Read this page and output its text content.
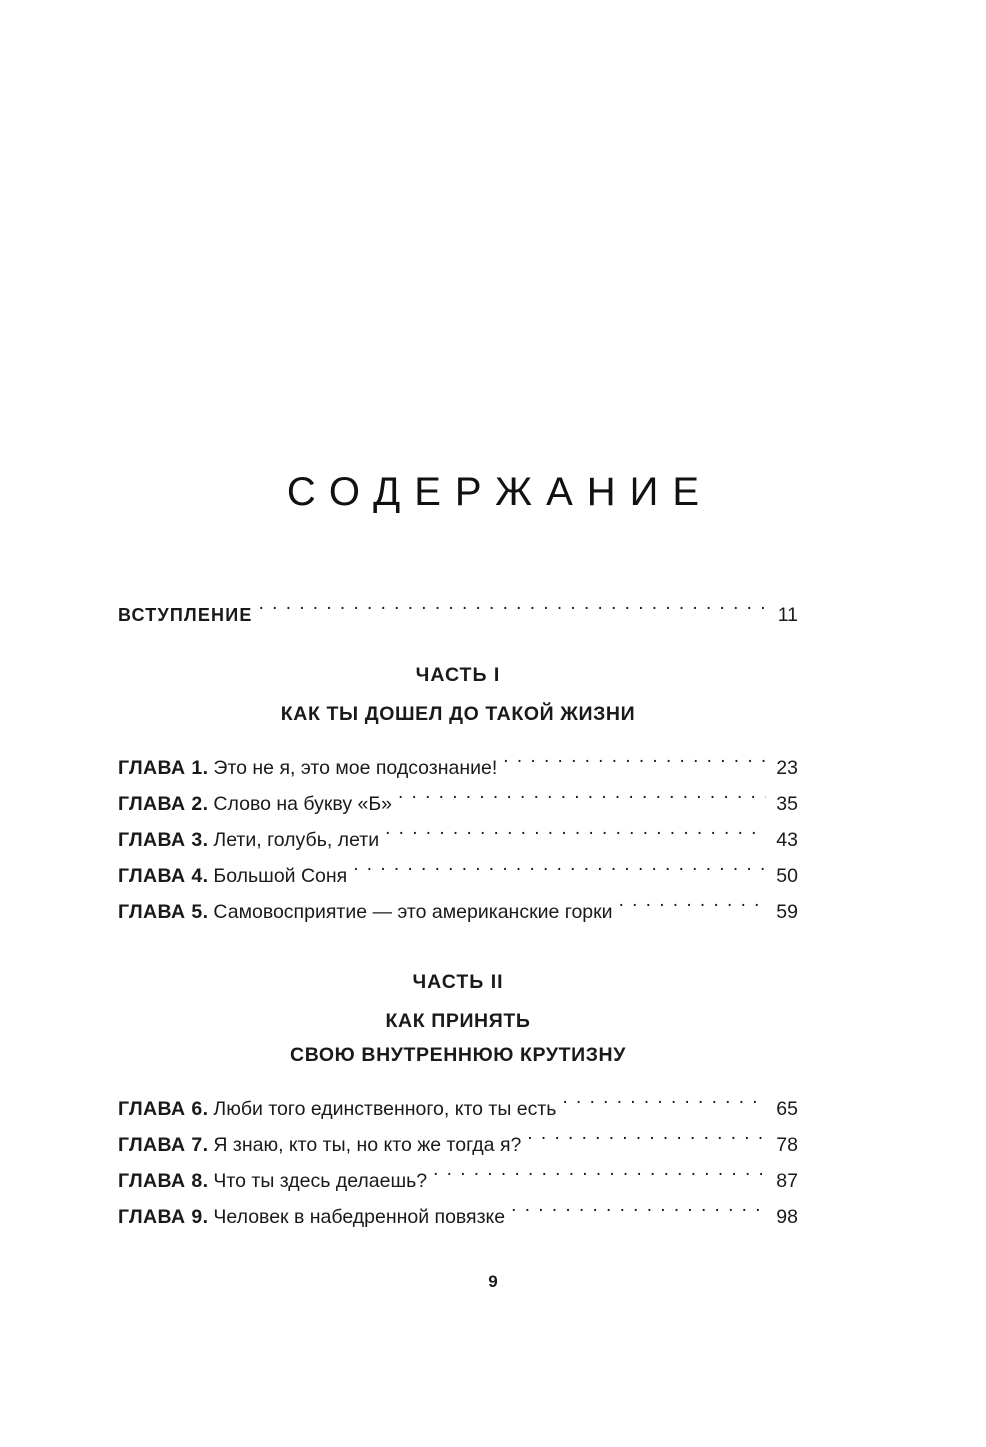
СОДЕРЖАНИЕ
ВСТУПЛЕНИЕ . . .	11
ЧАСТЬ I
КАК ТЫ ДОШЕЛ ДО ТАКОЙ ЖИЗНИ
ГЛАВА 1. Это не я, это мое подсознание! . . .	23
ГЛАВА 2. Слово на букву «Б» . . .	35
ГЛАВА 3. Лети, голубь, лети . . .	43
ГЛАВА 4. Большой Соня . . .	50
ГЛАВА 5. Самовосприятие — это американские горки . . .	59
ЧАСТЬ II
КАК ПРИНЯТЬ
СВОЮ ВНУТРЕННЮЮ КРУТИЗНУ
ГЛАВА 6. Люби того единственного, кто ты есть . . .	65
ГЛАВА 7. Я знаю, кто ты, но кто же тогда я? . . .	78
ГЛАВА 8. Что ты здесь делаешь? . . .	87
ГЛАВА 9. Человек в набедренной повязке . . .	98
9
